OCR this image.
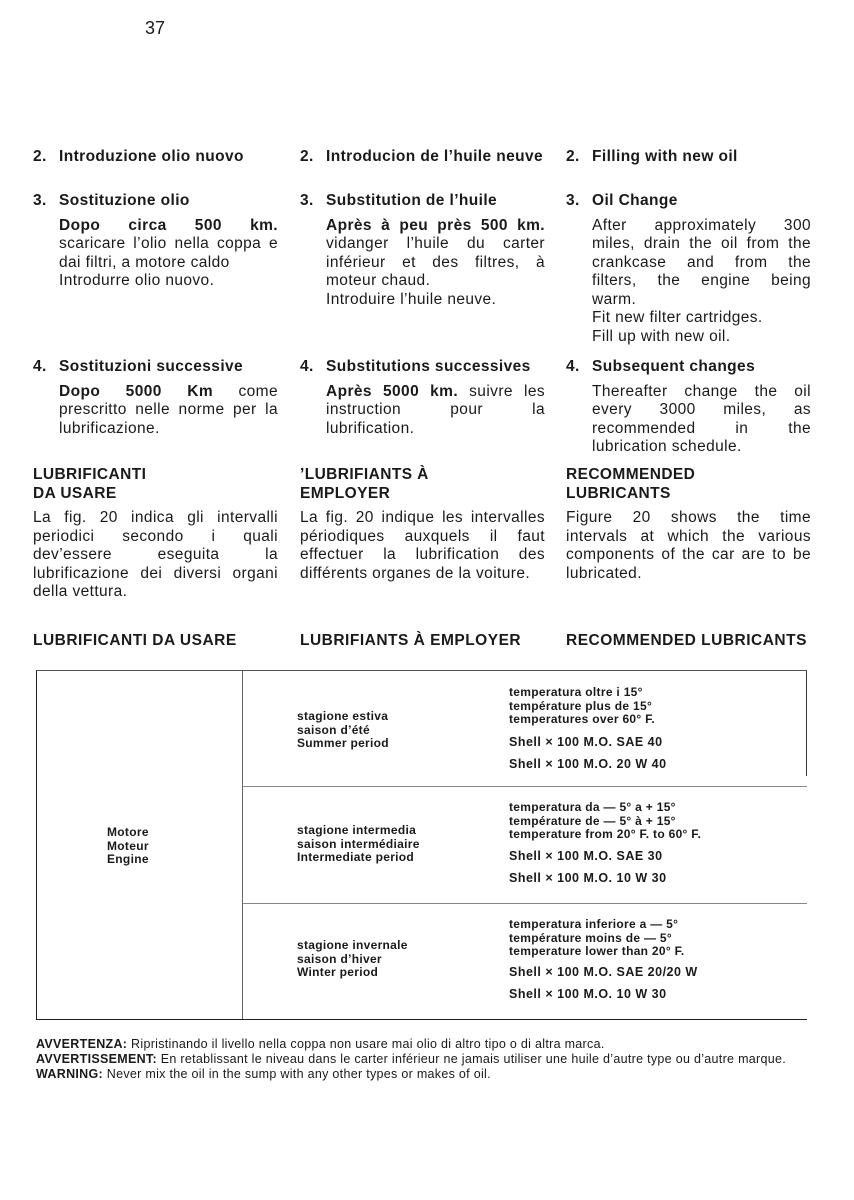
37
2. Introduzione olio nuovo
3. Sostituzione olio
Dopo circa 500 km. scaricare l’olio nella coppa e dai filtri, a motore caldo
Introdurre olio nuovo.
4. Sostituzioni successive
Dopo 5000 Km come prescritto nelle norme per la lubrificazione.
LUBRIFICANTI DA USARE
La fig. 20 indica gli intervalli periodici secondo i quali dev’essere eseguita la lubrificazione dei diversi organi della vettura.
2. Introducion de l’huile neuve
3. Substitution de l’huile
Après à peu près 500 km. vidanger l’huile du carter inférieur et des filtres, à moteur chaud.
Introduire l’huile neuve.
4. Substitutions successives
Après 5000 km. suivre les instruction pour la lubrification.
’LUBRIFIANTS À EMPLOYER
La fig. 20 indique les intervalles périodiques auxquels il faut effectuer la lubrification des différents organes de la voiture.
2. Filling with new oil
3. Oil Change
After approximately 300 miles, drain the oil from the crankcase and from the filters, the engine being warm.
Fit new filter cartridges.
Fill up with new oil.
4. Subsequent changes
Thereafter change the oil every 3000 miles, as recommended in the lubrication schedule.
RECOMMENDED LUBRICANTS
Figure 20 shows the time intervals at which the various components of the car are to be lubricated.
LUBRIFICANTI DA USARE	LUBRIFIANTS À EMPLOYER	RECOMMENDED LUBRICANTS
Motore
Moteur
Engine
stagione estiva
saison d’été
Summer period
temperatura oltre i 15°
température plus de 15°
temperatures over 60° F.
Shell × 100 M.O. SAE 40
Shell × 100 M.O. 20 W 40
stagione intermedia
saison intermédiaire
Intermediate period
temperatura da — 5° a + 15°
température de — 5° à + 15°
temperature from 20° F. to 60° F.
Shell × 100 M.O. SAE 30
Shell × 100 M.O. 10 W 30
stagione invernale
saison d’hiver
Winter period
temperatura inferiore a — 5°
température moins de — 5°
temperature lower than 20° F.
Shell × 100 M.O. SAE 20/20 W
Shell × 100 M.O. 10 W 30
AVVERTENZA: Ripristinando il livello nella coppa non usare mai olio di altro tipo o di altra marca.
AVVERTISSEMENT: En retablissant le niveau dans le carter inférieur ne jamais utiliser une huile d’autre type ou d’autre marque.
WARNING: Never mix the oil in the sump with any other types or makes of oil.
